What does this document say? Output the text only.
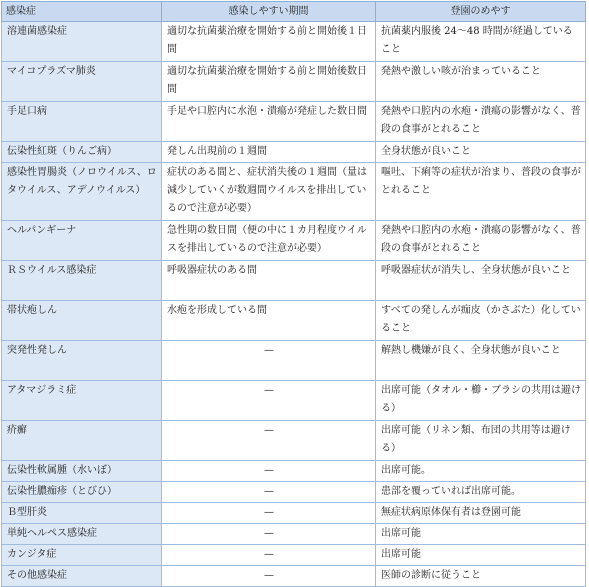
感染症	感染しやすい期間	登園のめやす
溶連菌感染症	適切な抗菌薬治療を開始する前と開始後１日間	抗菌薬内服後 24～48 時間が経過していること
マイコプラズマ肺炎	適切な抗菌薬治療を開始する前と開始後数日間	発熱や激しい咳が治まっていること
手足口病	手足や口腔内に水泡・潰瘍が発症した数日間	発熱や口腔内の水疱・潰瘍の影響がなく、普段の食事がとれること
伝染性紅斑（りんご病）	発しん出現前の１週間	全身状態が良いこと
感染性胃腸炎（ノロウイルス、ロタウイルス、アデノウイルス）	症状のある間と、症状消失後の１週間（量は減少していくが数週間ウイルスを排出しているので注意が必要）	嘔吐、下痢等の症状が治まり、普段の食事がとれること
ヘルパンギーナ	急性期の数日間（便の中に１カ月程度ウイルスを排出しているので注意が必要）	発熱や口腔内の水疱・潰瘍の影響がなく、普段の食事がとれること
ＲＳウイルス感染症	呼吸器症状のある間	呼吸器症状が消失し、全身状態が良いこと
帯状疱しん	水疱を形成している間	すべての発しんが痂皮（かさぶた）化していること
突発性発しん	—	解熱し機嫌が良く、全身状態が良いこと
アタマジラミ症	—	出席可能（タオル・櫛・ブラシの共用は避ける）
疥癬	—	出席可能（リネン類、布団の共用等は避ける）
伝染性軟属腫（水いぼ）	—	出席可能。
伝染性膿痂疹（とびひ）	—	患部を覆っていれば出席可能。
Ｂ型肝炎	—	無症状病原体保有者は登園可能
単純ヘルペス感染症	—	出席可能
カンジタ症	—	出席可能
その他感染症	—	医師の診断に従うこと
